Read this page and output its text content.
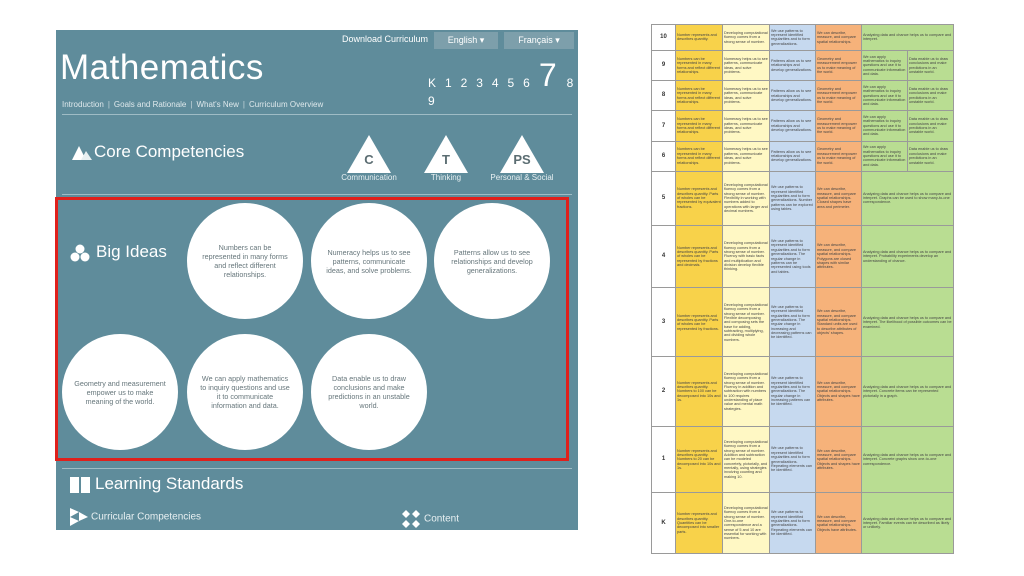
Download Curriculum	English ▾	Français ▾
Mathematics	K 1 2 3 4 5 6 7 8 9
Introduction | Goals and Rationale | What's New | Curriculum Overview
Core Competencies	C
Communication
T
Thinking
PS
Personal & Social
Big Ideas	Numbers can be represented in many forms and reflect different relationships.
Numeracy helps us to see patterns, communicate ideas, and solve problems.
Patterns allow us to see relationships and develop generalizations.
Geometry and measurement empower us to make meaning of the world.
We can apply mathematics to inquiry questions and use it to communicate information and data.
Data enable us to draw conclusions and make predictions in an unstable world.
Learning Standards
Curricular Competencies	Content
10	Number represents and describes quantity.	Developing computational fluency comes from a strong sense of number.	We use patterns to represent identified regularities and to form generalizations.	We can describe, measure, and compare spatial relationships.	Analyzing data and chance helps us to compare and interpret.	
9	Numbers can be represented in many forms and reflect different relationships.	Numeracy helps us to see patterns, communicate ideas, and solve problems.	Patterns allow us to see relationships and develop generalizations.	Geometry and measurement empower us to make meaning of the world.	We can apply mathematics to inquiry questions and use it to communicate information and data.	Data enable us to draw conclusions and make predictions in an unstable world.
8	Numbers can be represented in many forms and reflect different relationships.	Numeracy helps us to see patterns, communicate ideas, and solve problems.	Patterns allow us to see relationships and develop generalizations.	Geometry and measurement empower us to make meaning of the world.	We can apply mathematics to inquiry questions and use it to communicate information and data.	Data enable us to draw conclusions and make predictions in an unstable world.
7	Numbers can be represented in many forms and reflect different relationships.	Numeracy helps us to see patterns, communicate ideas, and solve problems.	Patterns allow us to see relationships and develop generalizations.	Geometry and measurement empower us to make meaning of the world.	We can apply mathematics to inquiry questions and use it to communicate information and data.	Data enable us to draw conclusions and make predictions in an unstable world.
6	Numbers can be represented in many forms and reflect different relationships.	Numeracy helps us to see patterns, communicate ideas, and solve problems.	Patterns allow us to see relationships and develop generalizations.	Geometry and measurement empower us to make meaning of the world.	We can apply mathematics to inquiry questions and use it to communicate information and data.	Data enable us to draw conclusions and make predictions in an unstable world.
5	Number represents and describes quantity. Parts of wholes can be represented by equivalent fractions.	Developing computational fluency comes from a strong sense of number. Flexibility in working with numbers added to operations with larger and decimal numbers.	We use patterns to represent identified regularities and to form generalizations. Number patterns can be explored using tables.	We can describe, measure, and compare spatial relationships. Closed shapes have area and perimeter.	Analyzing data and chance helps us to compare and interpret. Graphs can be used to show many-to-one correspondence.	
4	Number represents and describes quantity. Parts of wholes can be represented by fractions and decimals.	Developing computational fluency comes from a strong sense of number. Fluency with basic facts and multiplication and division develop flexible thinking.	We use patterns to represent identified regularities and to form generalizations. The regular change in patterns can be represented using tools and tables.	We can describe, measure, and compare spatial relationships. Polygons are closed shapes with similar attributes.	Analyzing data and chance helps us to compare and interpret. Probability experiments develop an understanding of chance.	
3	Number represents and describes quantity. Parts of wholes can be represented by fractions.	Developing computational fluency comes from a strong sense of number. Flexible decomposing and composing sets the base for adding, subtracting, multiplying, and dividing whole numbers.	We use patterns to represent identified regularities and to form generalizations. The regular change in increasing and decreasing patterns can be identified.	We can describe, measure, and compare spatial relationships. Standard units are used to describe attributes of objects' shapes.	Analyzing data and chance helps us to compare and interpret. The likelihood of possible outcomes can be examined.	
2	Number represents and describes quantity. Numbers to 100 can be decomposed into 10s and 1s.	Developing computational fluency comes from a strong sense of number. Fluency in addition and subtraction with numbers to 100 requires understanding of place value and mental math strategies.	We use patterns to represent identified regularities and to form generalizations. The regular change in increasing patterns can be identified.	We can describe, measure, and compare spatial relationships. Objects and shapes have attributes.	Analyzing data and chance helps us to compare and interpret. Concrete items can be represented pictorially in a graph.	
1	Number represents and describes quantity. Numbers to 20 can be decomposed into 10s and 1s.	Developing computational fluency comes from a strong sense of number. Addition and subtraction can be modeled concretely, pictorially, and mentally, using strategies involving counting and making 10.	We use patterns to represent identified regularities and to form generalizations. Repeating elements can be identified.	We can describe, measure, and compare spatial relationships. Objects and shapes have attributes.	Analyzing data and chance helps us to compare and interpret. Concrete graphs show one-to-one correspondence.	
K	Number represents and describes quantity. Quantities can be decomposed into smaller parts.	Developing computational fluency comes from a strong sense of number. One-to-one correspondence and a sense of 5 and 10 are essential for working with numbers.	We use patterns to represent identified regularities and to form generalizations. Repeating elements can be identified.	We can describe, measure, and compare spatial relationships. Objects have attributes.	Analyzing data and chance helps us to compare and interpret. Familiar events can be described as likely or unlikely.	
